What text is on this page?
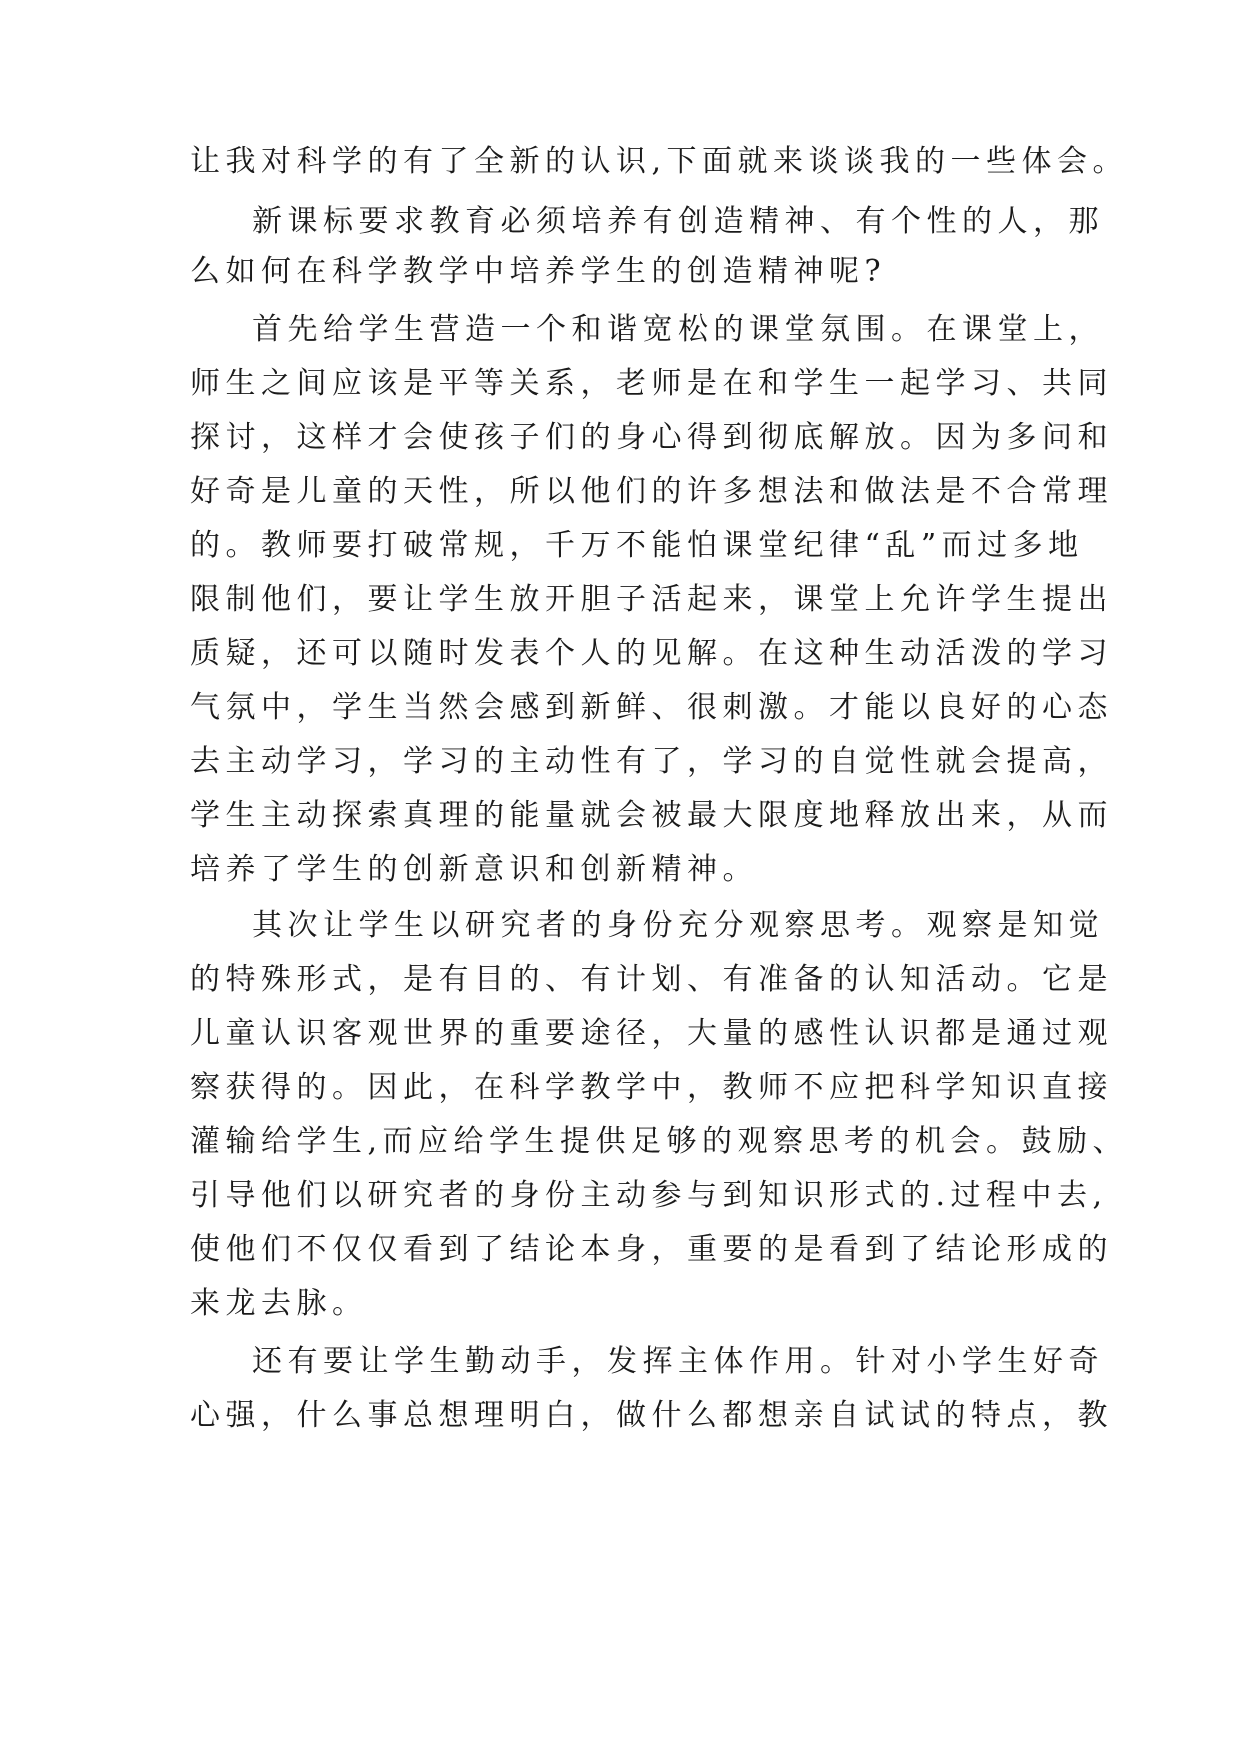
让我对科学的有了全新的认识,下面就来谈谈我的一些体会。
新课标要求教育必须培养有创造精神、有个性的人，那
么如何在科学教学中培养学生的创造精神呢?
首先给学生营造一个和谐宽松的课堂氛围。在课堂上，
师生之间应该是平等关系，老师是在和学生一起学习、共同
探讨，这样才会使孩子们的身心得到彻底解放。因为多问和
好奇是儿童的天性，所以他们的许多想法和做法是不合常理
的。教师要打破常规，千万不能怕课堂纪律“乱”而过多地
限制他们，要让学生放开胆子活起来，课堂上允许学生提出
质疑，还可以随时发表个人的见解。在这种生动活泼的学习
气氛中，学生当然会感到新鲜、很刺激。才能以良好的心态
去主动学习，学习的主动性有了，学习的自觉性就会提高，
学生主动探索真理的能量就会被最大限度地释放出来，从而
培养了学生的创新意识和创新精神。
其次让学生以研究者的身份充分观察思考。观察是知觉
的特殊形式，是有目的、有计划、有准备的认知活动。它是
儿童认识客观世界的重要途径，大量的感性认识都是通过观
察获得的。因此，在科学教学中，教师不应把科学知识直接
灌输给学生,而应给学生提供足够的观察思考的机会。鼓励、
引导他们以研究者的身份主动参与到知识形式的.过程中去,
使他们不仅仅看到了结论本身，重要的是看到了结论形成的
来龙去脉。
还有要让学生勤动手，发挥主体作用。针对小学生好奇
心强，什么事总想理明白，做什么都想亲自试试的特点，教
